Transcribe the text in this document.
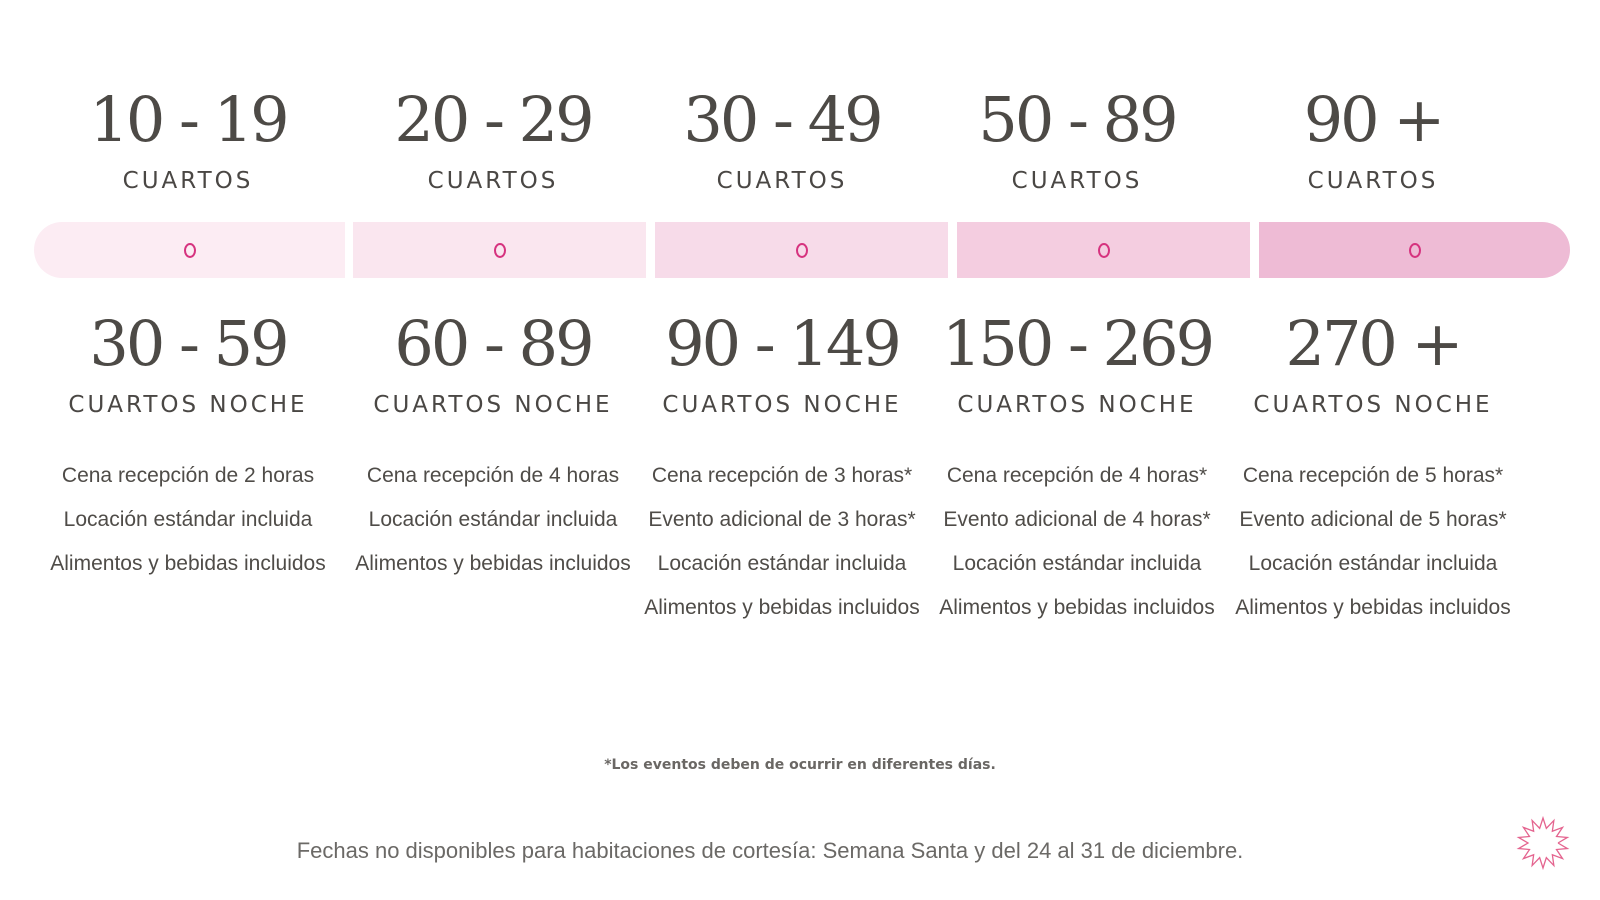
10 - 19
CUARTOS
30 - 59
CUARTOS NOCHE
Cena recepción de 2 horas
Locación estándar incluida
Alimentos y bebidas incluidos
20 - 29
CUARTOS
60 - 89
CUARTOS NOCHE
Cena recepción de 4 horas
Locación estándar incluida
Alimentos y bebidas incluidos
30 - 49
CUARTOS
90 - 149
CUARTOS NOCHE
Cena recepción de 3 horas*
Evento adicional de 3 horas*
Locación estándar incluida
Alimentos y bebidas incluidos
50 - 89
CUARTOS
150 - 269
CUARTOS NOCHE
Cena recepción de 4 horas*
Evento adicional de 4 horas*
Locación estándar incluida
Alimentos y bebidas incluidos
90 +
CUARTOS
270 +
CUARTOS NOCHE
Cena recepción de 5 horas*
Evento adicional de 5 horas*
Locación estándar incluida
Alimentos y bebidas incluidos
*Los eventos deben de ocurrir en diferentes días.
Fechas no disponibles para habitaciones de cortesía: Semana Santa y del 24 al 31 de diciembre.
